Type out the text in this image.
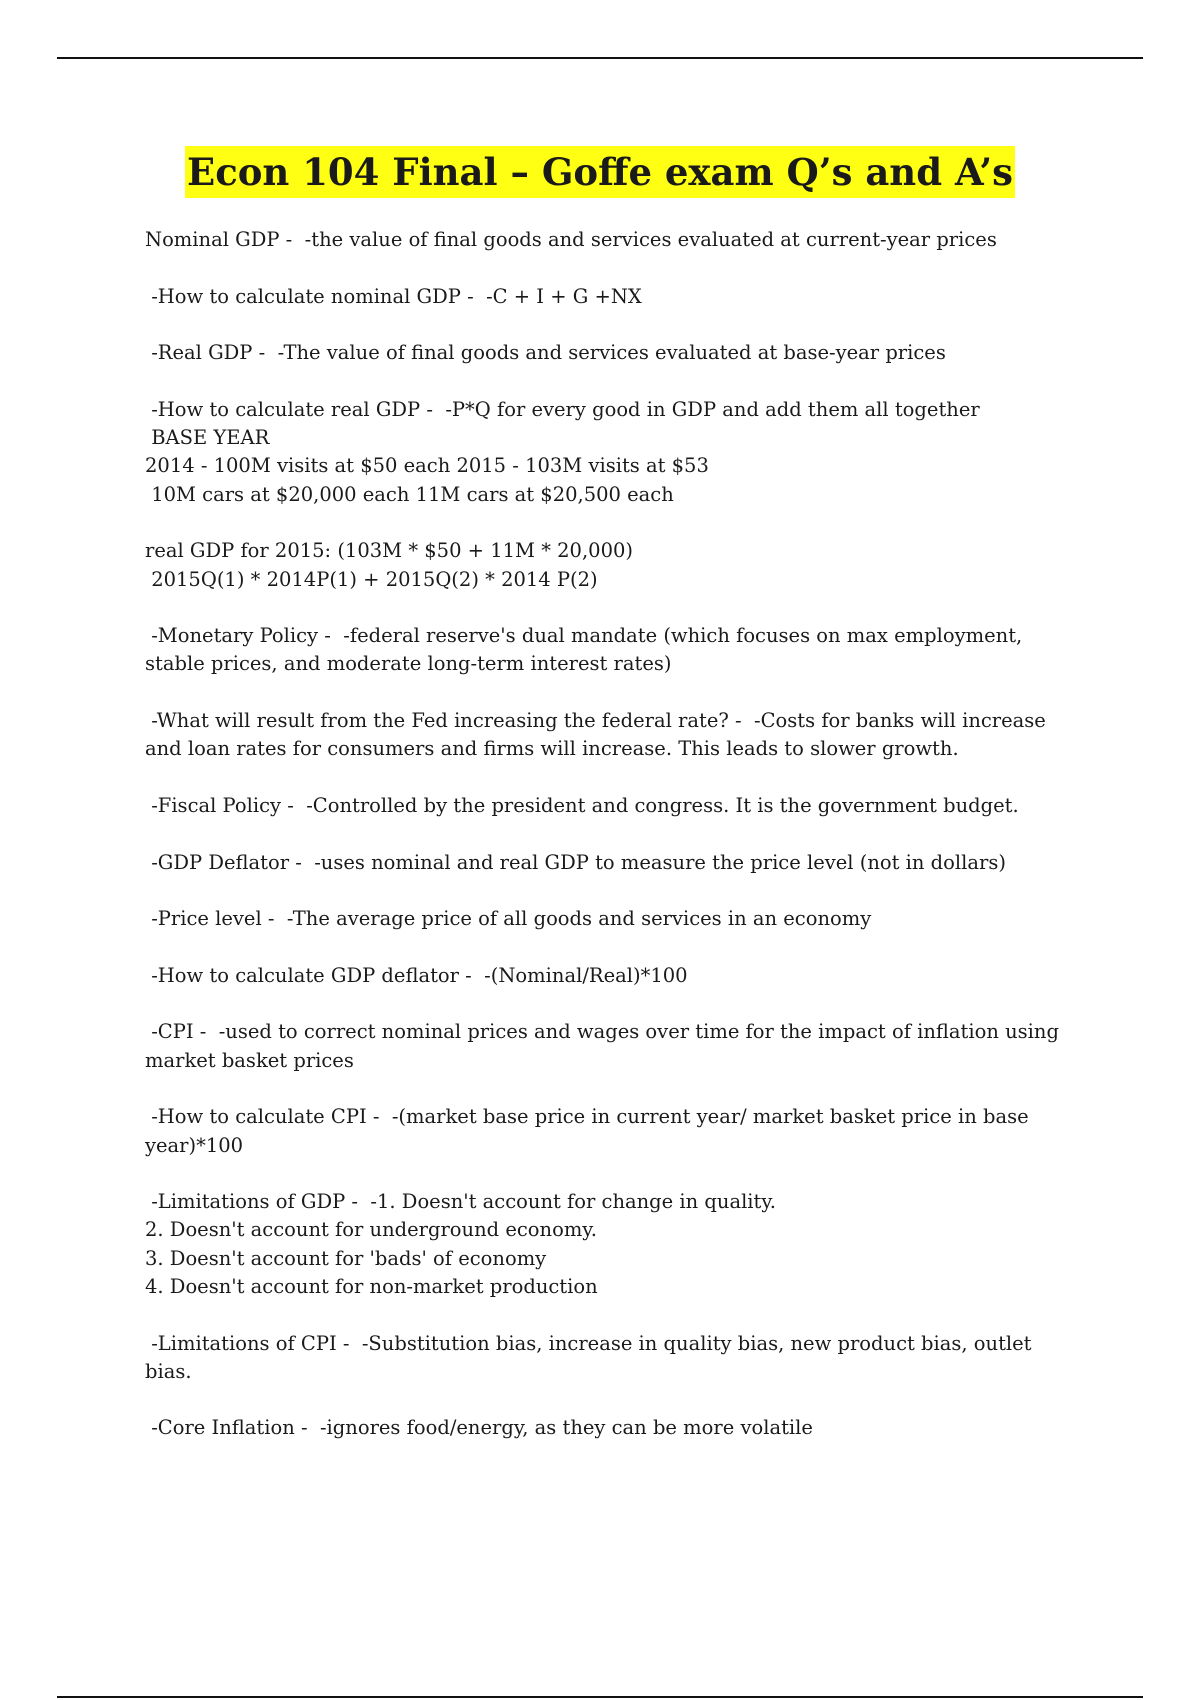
Econ 104 Final – Goffe exam Q’s and A’s
Nominal GDP -  -the value of final goods and services evaluated at current-year prices
-How to calculate nominal GDP -  -C + I + G +NX
-Real GDP -  -The value of final goods and services evaluated at base-year prices
-How to calculate real GDP -  -P*Q for every good in GDP and add them all together
BASE YEAR
2014 - 100M visits at $50 each 2015 - 103M visits at $53
10M cars at $20,000 each 11M cars at $20,500 each
real GDP for 2015: (103M * $50 + 11M * 20,000)
2015Q(1) * 2014P(1) + 2015Q(2) * 2014 P(2)
-Monetary Policy -  -federal reserve's dual mandate (which focuses on max employment,
stable prices, and moderate long-term interest rates)
-What will result from the Fed increasing the federal rate? -  -Costs for banks will increase
and loan rates for consumers and firms will increase. This leads to slower growth.
-Fiscal Policy -  -Controlled by the president and congress. It is the government budget.
-GDP Deflator -  -uses nominal and real GDP to measure the price level (not in dollars)
-Price level -  -The average price of all goods and services in an economy
-How to calculate GDP deflator -  -(Nominal/Real)*100
-CPI -  -used to correct nominal prices and wages over time for the impact of inflation using
market basket prices
-How to calculate CPI -  -(market base price in current year/ market basket price in base
year)*100
-Limitations of GDP -  -1. Doesn't account for change in quality.
2. Doesn't account for underground economy.
3. Doesn't account for 'bads' of economy
4. Doesn't account for non-market production
-Limitations of CPI -  -Substitution bias, increase in quality bias, new product bias, outlet
bias.
-Core Inflation -  -ignores food/energy, as they can be more volatile
